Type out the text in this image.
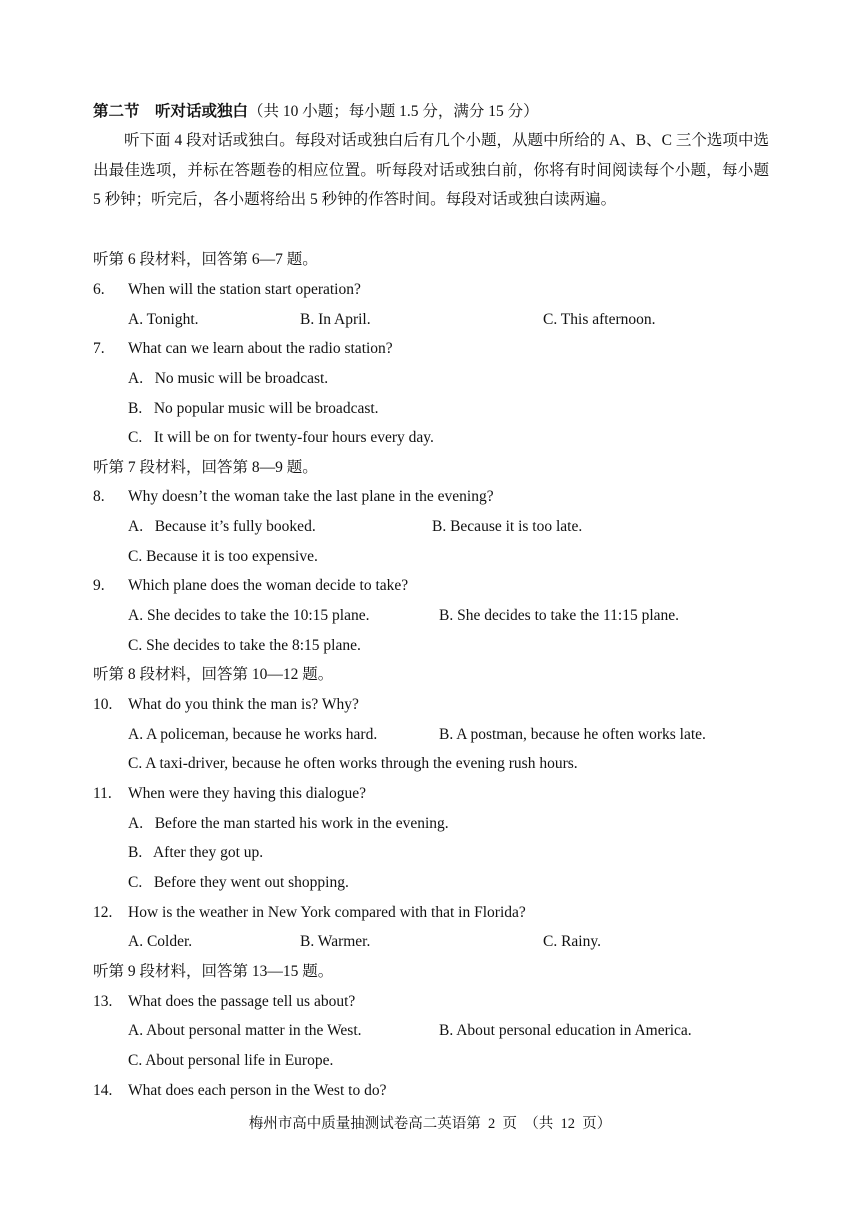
第二节　听对话或独白（共 10 小题；每小题 1.5 分，满分 15 分）
听下面 4 段对话或独白。每段对话或独白后有几个小题，从题中所给的 A、B、C 三个选项中选出最佳选项，并标在答题卷的相应位置。听每段对话或独白前，你将有时间阅读每个小题，每小题 5 秒钟；听完后，各小题将给出 5 秒钟的作答时间。每段对话或独白读两遍。
听第 6 段材料，回答第 6—7 题。
6. When will the station start operation?
A. Tonight.	B. In April.	C. This afternoon.
7. What can we learn about the radio station?
A.   No music will be broadcast.
B.   No popular music will be broadcast.
C.   It will be on for twenty-four hours every day.
听第 7 段材料，回答第 8—9 题。
8. Why doesn’t the woman take the last plane in the evening?
A.   Because it’s fully booked.	B. Because it is too late.
C. Because it is too expensive.
9. Which plane does the woman decide to take?
A. She decides to take the 10:15 plane.	B. She decides to take the 11:15 plane.
C. She decides to take the 8:15 plane.
听第 8 段材料，回答第 10—12 题。
10. What do you think the man is? Why?
A. A policeman, because he works hard.	B. A postman, because he often works late.
C. A taxi-driver, because he often works through the evening rush hours.
11. When were they having this dialogue?
A.   Before the man started his work in the evening.
B.   After they got up.
C.   Before they went out shopping.
12. How is the weather in New York compared with that in Florida?
A. Colder.	B. Warmer.	C. Rainy.
听第 9 段材料，回答第 13—15 题。
13. What does the passage tell us about?
A. About personal matter in the West.	B. About personal education in America.
C. About personal life in Europe.
14. What does each person in the West to do?
梅州市高中质量抽测试卷高二英语第  2  页  （共  12  页）
